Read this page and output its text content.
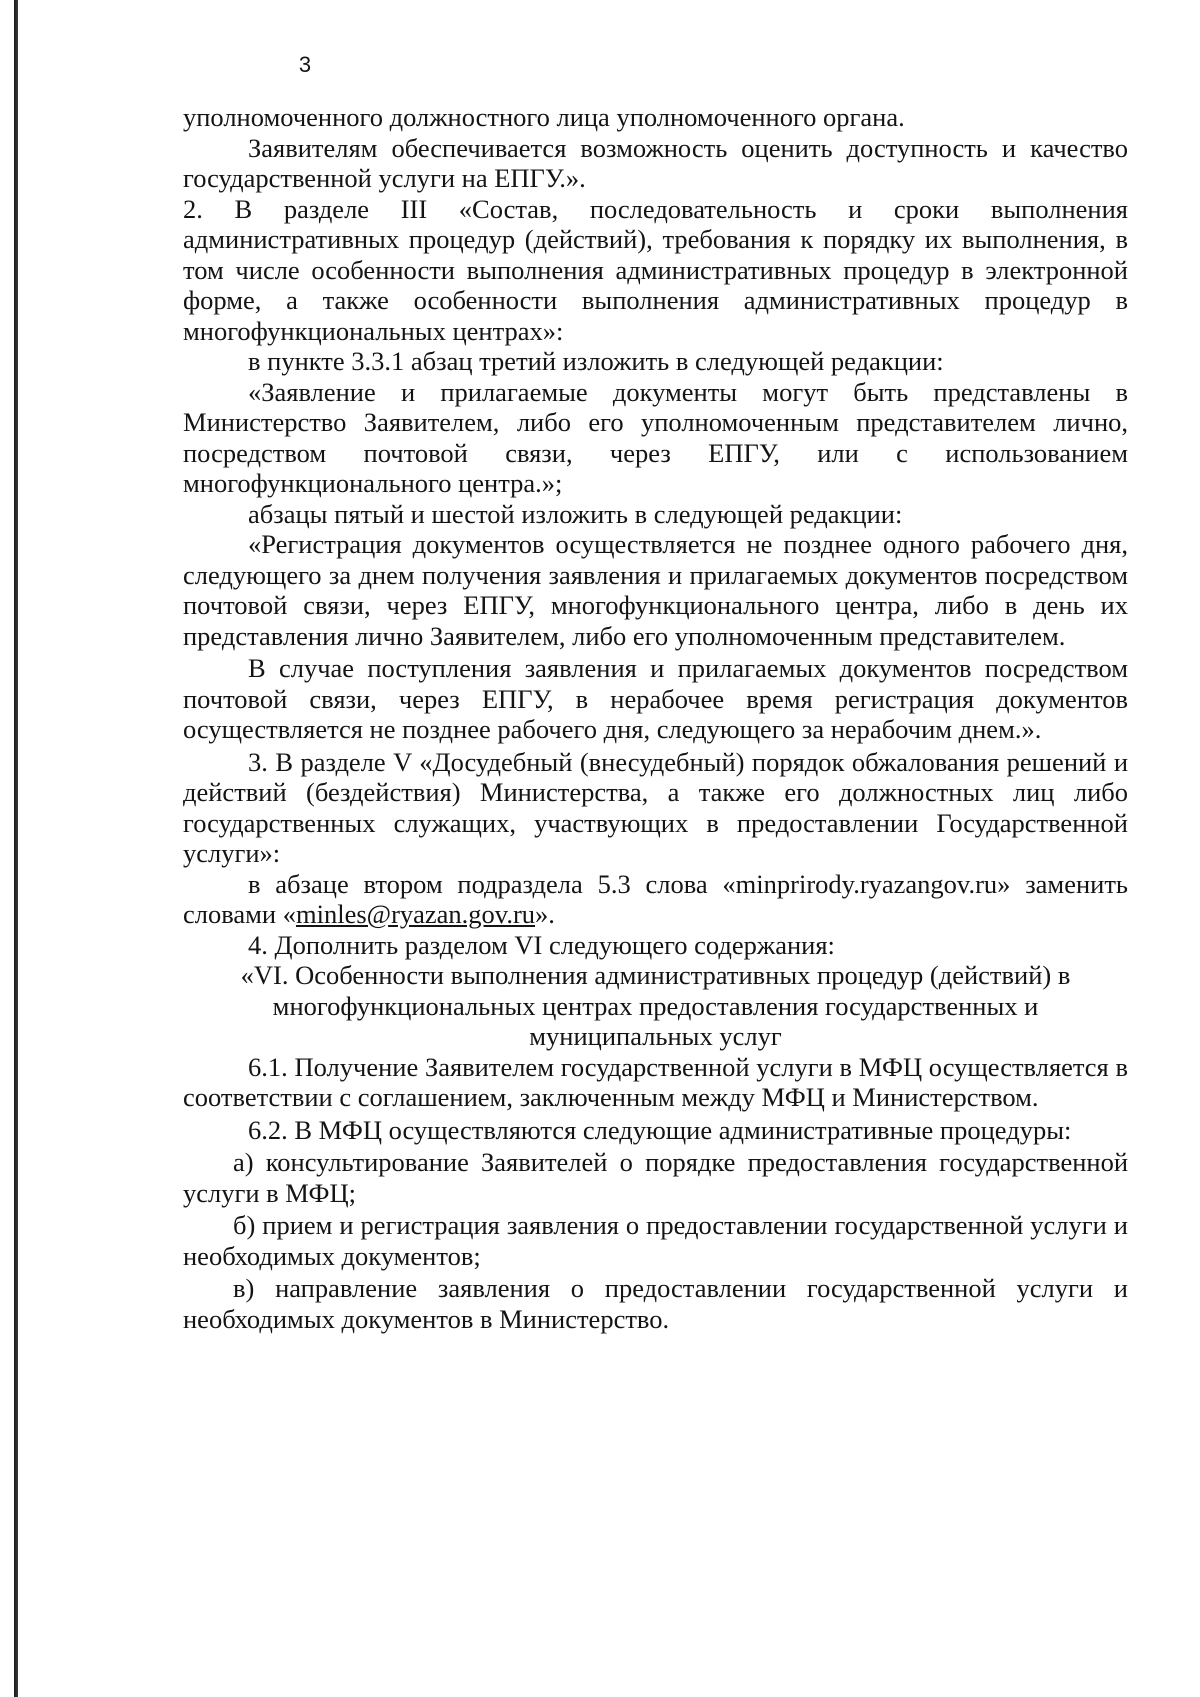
3

уполномоченного должностного лица уполномоченного органа.

Заявителям обеспечивается возможность оценить доступность и качество государственной услуги на ЕПГУ.».

2. В разделе III «Состав, последовательность и сроки выполнения административных процедур (действий), требования к порядку их выполнения, в том числе особенности выполнения административных процедур в электронной форме, а также особенности выполнения административных процедур в многофункциональных центрах»:

в пункте 3.3.1 абзац третий изложить в следующей редакции:

«Заявление и прилагаемые документы могут быть представлены в Министерство Заявителем, либо его уполномоченным представителем лично, посредством почтовой связи, через ЕПГУ, или с использованием многофункционального центра.»;

абзацы пятый и шестой изложить в следующей редакции:

«Регистрация документов осуществляется не позднее одного рабочего дня, следующего за днем получения заявления и прилагаемых документов посредством почтовой связи, через ЕПГУ, многофункционального центра, либо в день их представления лично Заявителем, либо его уполномоченным представителем.

В случае поступления заявления и прилагаемых документов посредством почтовой связи, через ЕПГУ, в нерабочее время регистрация документов осуществляется не позднее рабочего дня, следующего за нерабочим днем.».

3. В разделе V «Досудебный (внесудебный) порядок обжалования решений и действий (бездействия) Министерства, а также его должностных лиц либо государственных служащих, участвующих в предоставлении Государственной услуги»:

в абзаце втором подраздела 5.3 слова «minprirody.ryazangov.ru» заменить словами «minles@ryazan.gov.ru».

4. Дополнить разделом VI следующего содержания:

«VI. Особенности выполнения административных процедур (действий) в многофункциональных центрах предоставления государственных и муниципальных услуг

6.1. Получение Заявителем государственной услуги в МФЦ осуществляется в соответствии с соглашением, заключенным между МФЦ и Министерством.

6.2. В МФЦ осуществляются следующие административные процедуры:

а) консультирование Заявителей о порядке предоставления государственной услуги в МФЦ;

б) прием и регистрация заявления о предоставлении государственной услуги и необходимых документов;

в) направление заявления о предоставлении государственной услуги и необходимых документов в Министерство.
